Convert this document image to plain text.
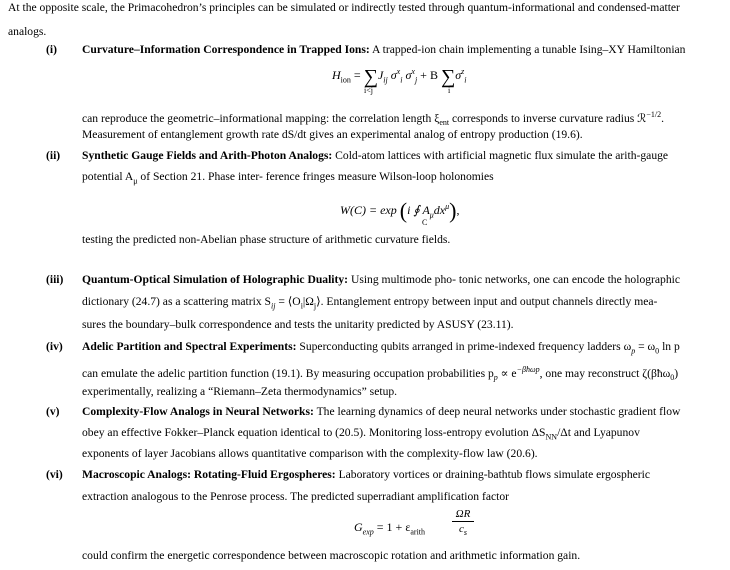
At the opposite scale, the Primacohedron’s principles can be simulated or indirectly tested through quantum-informational and condensed-matter
analogs.
(i) Curvature–Information Correspondence in Trapped Ions: A trapped-ion chain implementing a tunable Ising–XY Hamiltonian
$H_{ion} = \sum J_{ij}$ $\sigma^x_i$ $\sigma^x_j + B$ $\sum\sigma^z_i$
i<j	i
can reproduce the geometric–informational mapping: the correlation length $\xi_{ent}$ corresponds to inverse curvature radius ℛ$^{-1/2}$.
Measurement of entanglement growth rate dS/dt gives an experimental analog of entropy production (19.6).
(ii) Synthetic Gauge Fields and Arith-Photon Analogs: Cold-atom lattices with artificial magnetic flux simulate the arith-gauge
potential $A_\mu$ of Section 21. Phase inter- ference fringes measure Wilson-loop holonomies
W(C) = exp (i ∮ $A_\mu dx^\mu$),
C
testing the predicted non-Abelian phase structure of arithmetic curvature fields.
(iii) Quantum-Optical Simulation of Holographic Duality: Using multimode pho- tonic networks, one can encode the holographic
dictionary (24.7) as a scattering matrix $S_{ij}$ = $⟨O_i|\Omega_j⟩$. Entanglement entropy between input and output channels directly mea-
sures the boundary–bulk correspondence and tests the unitarity predicted by ASUSY (23.11).
(iv) Adelic Partition and Spectral Experiments: Superconducting qubits arranged in prime-indexed frequency ladders $\omega_p = \omega_0$ ln p
can emulate the adelic partition function (19.1). By measuring occupation probabilities $p_p \propto e^{-\beta ħ\omega p}$, one may reconstruct ζ(βħω$_0$)
experimentally, realizing a “Riemann–Zeta thermodynamics” setup.
(v) Complexity-Flow Analogs in Neural Networks: The learning dynamics of deep neural networks under stochastic gradient flow
obey an effective Fokker–Planck equation identical to (20.5). Monitoring loss-entropy evolution $\Delta S_{NN}/\Delta t$ and Lyapunov
exponents of layer Jacobians allows quantitative comparison with the complexity-flow law (20.6).
(vi) Macroscopic Analogs: Rotating-Fluid Ergospheres: Laboratory vortices or draining-bathtub flows simulate ergospheric
extraction analogous to the Penrose process. The predicted superradiant amplification factor
$G_{exp} = 1 + \varepsilon_{arith}$
ΩR
$c_s$
could confirm the energetic correspondence between macroscopic rotation and arithmetic information gain.
